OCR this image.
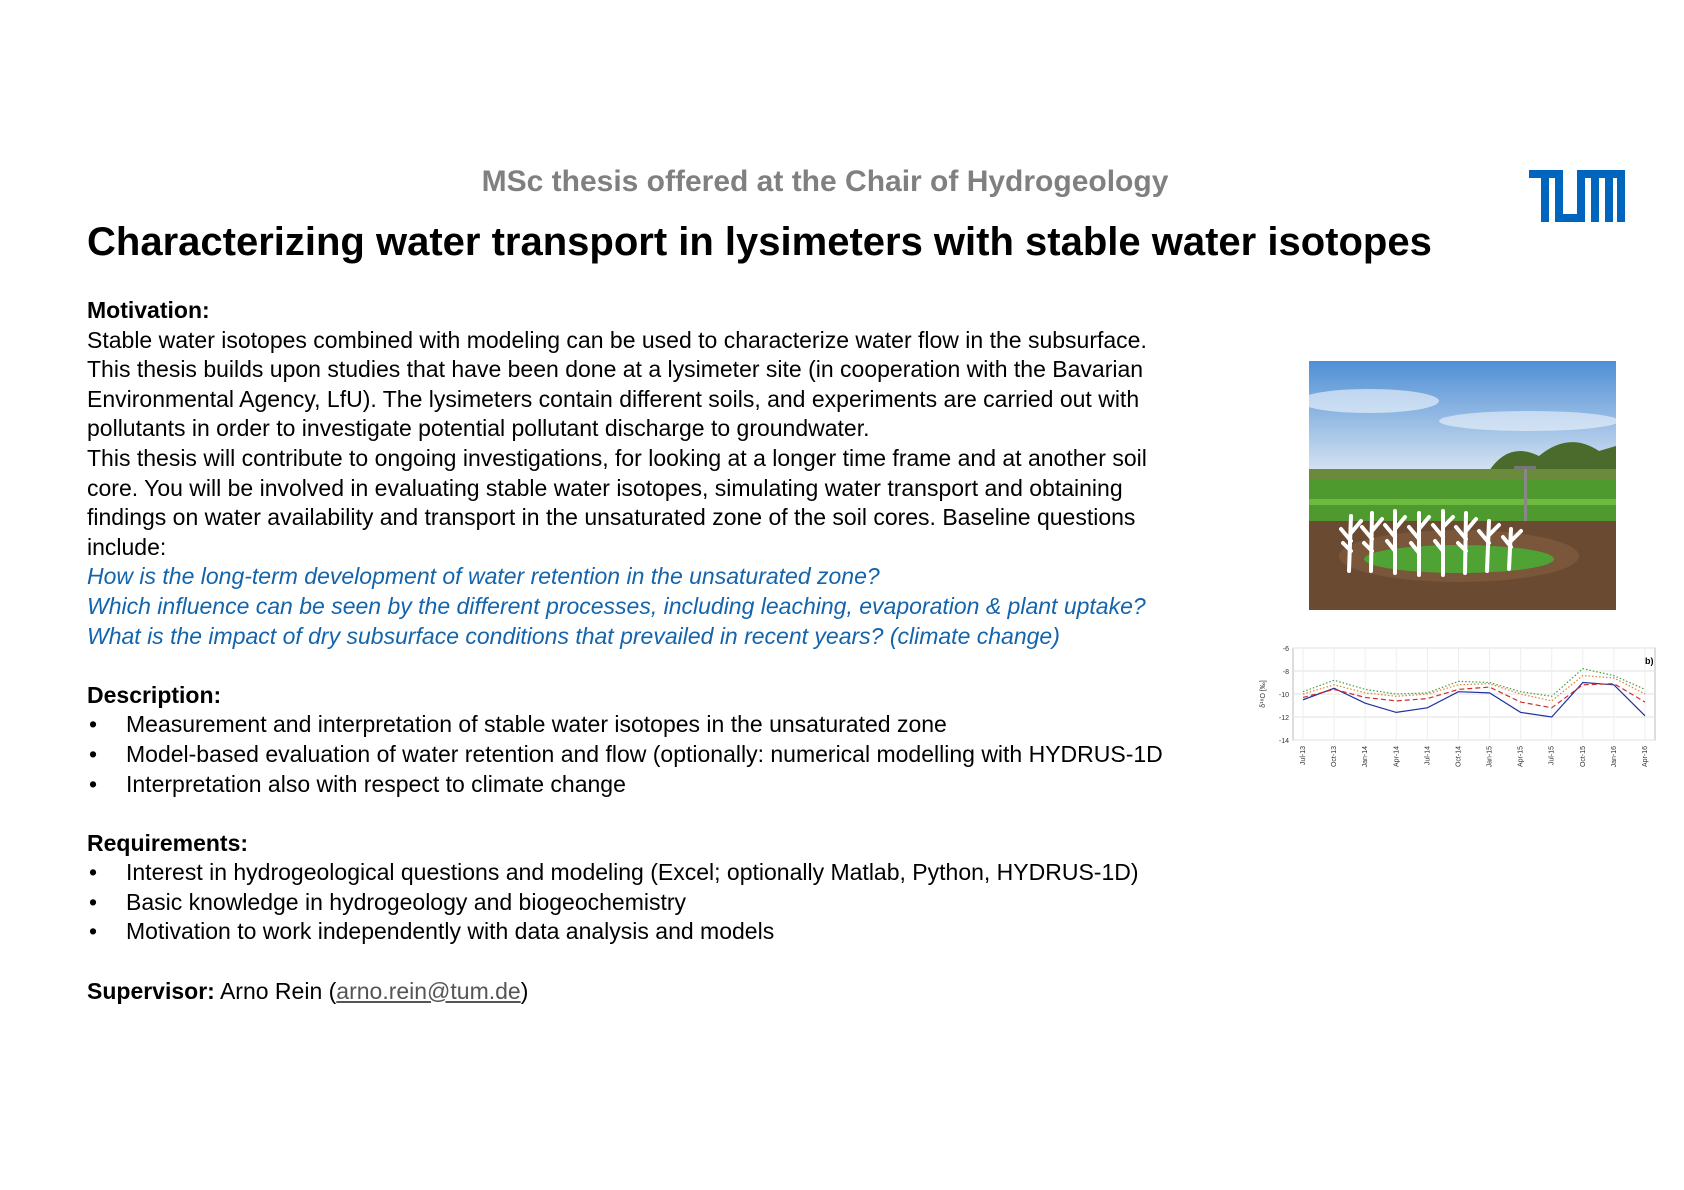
MSc thesis offered at the Chair of Hydrogeology
Characterizing water transport in lysimeters with stable water isotopes
Motivation:
Stable water isotopes combined with modeling can be used to characterize water flow in the subsurface.
This thesis builds upon studies that have been done at a lysimeter site (in cooperation with the Bavarian
Environmental Agency, LfU). The lysimeters contain different soils, and experiments are carried out with
pollutants in order to investigate potential pollutant discharge to groundwater.
This thesis will contribute to ongoing investigations, for looking at a longer time frame and at another soil
core. You will be involved in evaluating stable water isotopes, simulating water transport and obtaining
findings on water availability and transport in the unsaturated zone of the soil cores. Baseline questions
include:
How is the long-term development of water retention in the unsaturated zone?
Which influence can be seen by the different processes, including leaching, evaporation & plant uptake?
What is the impact of dry subsurface conditions that prevailed in recent years? (climate change)
Description:
• Measurement and interpretation of stable water isotopes in the unsaturated zone
• Model-based evaluation of water retention and flow (optionally: numerical modelling with HYDRUS-1D
• Interpretation also with respect to climate change
Requirements:
• Interest in hydrogeological questions and modeling (Excel; optionally Matlab, Python, HYDRUS-1D)
• Basic knowledge in hydrogeology and biogeochemistry
• Motivation to work independently with data analysis and models
Supervisor: Arno Rein (arno.rein@tum.de)
-6
-8
-10
-12
-14
Jul-13	Oct-13	Jan-14	Apr-14	Jul-14	Oct-14	Jan-15	Apr-15	Jul-15	Oct-15	Jan-16	Apr-16
δ¹⁸O [‰]
b)
